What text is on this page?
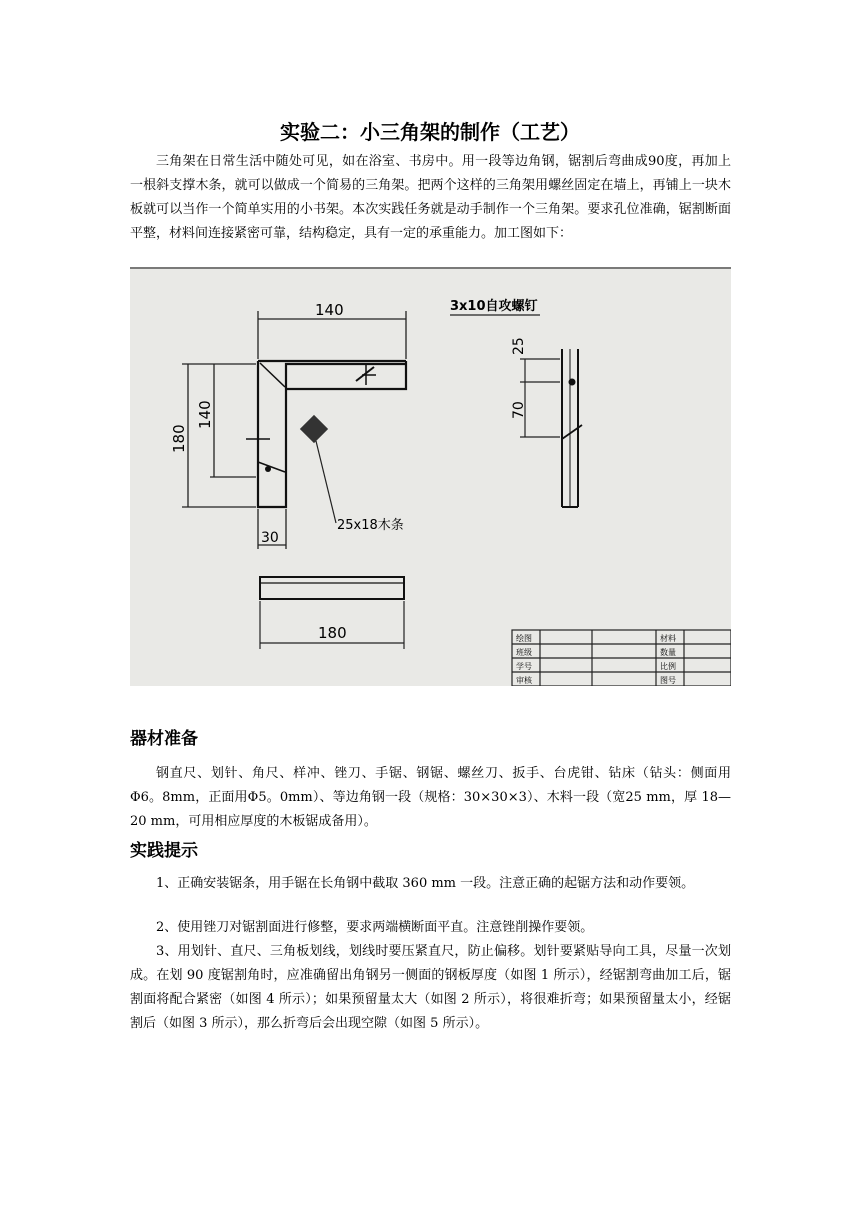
实验二：小三角架的制作（工艺）

三角架在日常生活中随处可见，如在浴室、书房中。用一段等边角钢，锯割后弯曲成90度，再加上一根斜支撑木条，就可以做成一个简易的三角架。把两个这样的三角架用螺丝固定在墙上，再铺上一块木板就可以当作一个简单实用的小书架。本次实践任务就是动手制作一个三角架。要求孔位准确，锯割断面平整，材料间连接紧密可靠，结构稳定，具有一定的承重能力。加工图如下：

140
180
140
30
25x18木条
3x10自攻螺钉
25
70
180	绘图
班级
学号
审核
材料
数量
比例
图号
器材准备

钢直尺、划针、角尺、样冲、锉刀、手锯、钢锯、螺丝刀、扳手、台虎钳、钻床（钻头：侧面用Φ6。8mm，正面用Φ5。0mm）、等边角钢一段（规格：30×30×3）、木料一段（宽25 mm，厚 18—20 mm，可用相应厚度的木板锯成备用）。

实践提示

1、正确安装锯条，用手锯在长角钢中截取 360 mm 一段。注意正确的起锯方法和动作要领。

2、使用锉刀对锯割面进行修整，要求两端横断面平直。注意锉削操作要领。

3、用划针、直尺、三角板划线，划线时要压紧直尺，防止偏移。划针要紧贴导向工具，尽量一次划成。在划 90 度锯割角时，应准确留出角钢另一侧面的钢板厚度（如图 1 所示），经锯割弯曲加工后，锯割面将配合紧密（如图 4 所示）；如果预留量太大（如图 2 所示），将很难折弯；如果预留量太小，经锯割后（如图 3 所示），那么折弯后会出现空隙（如图 5 所示）。
